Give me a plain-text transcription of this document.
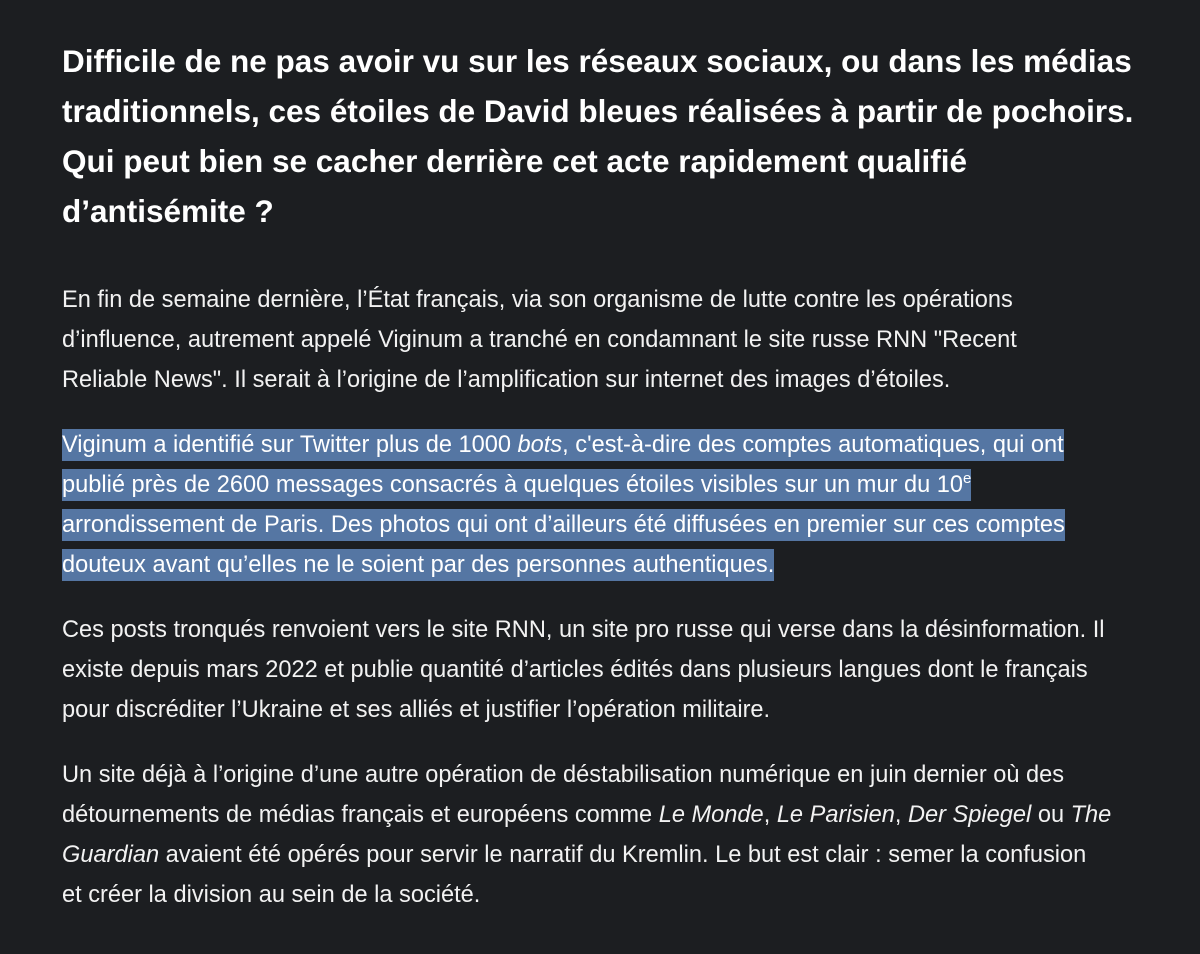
Difficile de ne pas avoir vu sur les réseaux sociaux, ou dans les médias
traditionnels, ces étoiles de David bleues réalisées à partir de pochoirs.
Qui peut bien se cacher derrière cet acte rapidement qualifié
d’antisémite ?

En fin de semaine dernière, l’État français, via son organisme de lutte contre les opérations
d’influence, autrement appelé Viginum a tranché en condamnant le site russe RNN "Recent
Reliable News". Il serait à l’origine de l’amplification sur internet des images d’étoiles.

Viginum a identifié sur Twitter plus de 1000 bots, c'est-à-dire des comptes automatiques, qui ont
publié près de 2600 messages consacrés à quelques étoiles visibles sur un mur du 10e
arrondissement de Paris. Des photos qui ont d’ailleurs été diffusées en premier sur ces comptes
douteux avant qu’elles ne le soient par des personnes authentiques.

Ces posts tronqués renvoient vers le site RNN, un site pro russe qui verse dans la désinformation. Il
existe depuis mars 2022 et publie quantité d’articles édités dans plusieurs langues dont le français
pour discréditer l’Ukraine et ses alliés et justifier l’opération militaire.

Un site déjà à l’origine d’une autre opération de déstabilisation numérique en juin dernier où des
détournements de médias français et européens comme Le Monde, Le Parisien, Der Spiegel ou The
Guardian avaient été opérés pour servir le narratif du Kremlin. Le but est clair : semer la confusion
et créer la division au sein de la société.
